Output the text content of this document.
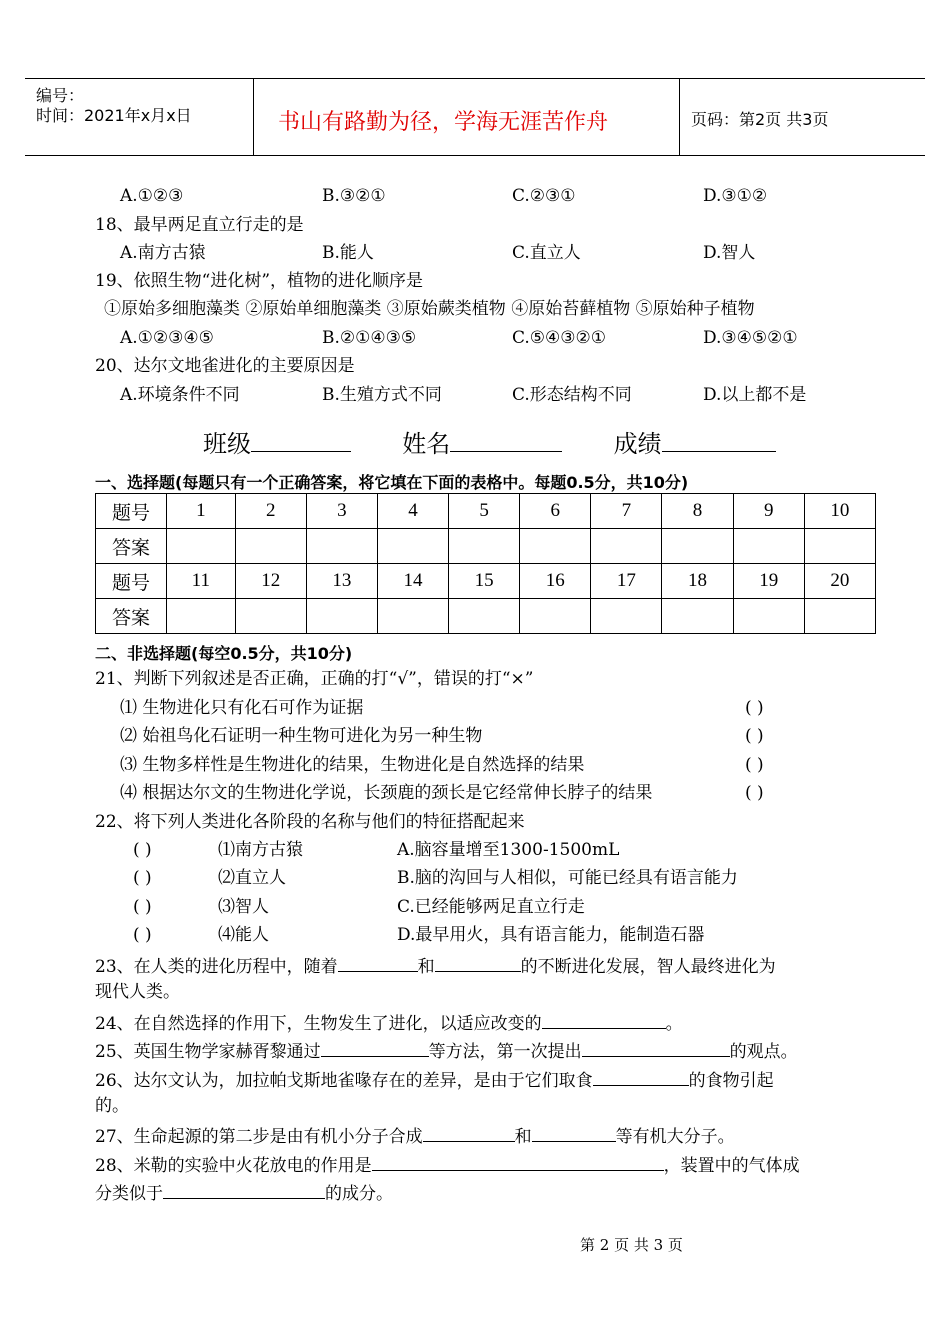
编号：
时间：2021年x月x日	书山有路勤为径，学海无涯苦作舟	页码：第2页 共3页
A.①②③	B.③②①	C.②③①	D.③①②
18、最早两足直立行走的是
A.南方古猿	B.能人	C.直立人	D.智人
19、依照生物“进化树”，植物的进化顺序是
①原始多细胞藻类 ②原始单细胞藻类 ③原始蕨类植物 ④原始苔藓植物 ⑤原始种子植物
A.①②③④⑤	B.②①④③⑤	C.⑤④③②①	D.③④⑤②①
20、达尔文地雀进化的主要原因是
A.环境条件不同	B.生殖方式不同	C.形态结构不同	D.以上都不是
班级	姓名	成绩
一、选择题(每题只有一个正确答案，将它填在下面的表格中。每题0.5分，共10分)
题号	1	2	3	4	5	6	7	8	9	10
答案										
题号	11	12	13	14	15	16	17	18	19	20
答案										
二、非选择题(每空0.5分，共10分)
21、判断下列叙述是否正确，正确的打“√”，错误的打“×”
⑴ 生物进化只有化石可作为证据	( )
⑵ 始祖鸟化石证明一种生物可进化为另一种生物	( )
⑶ 生物多样性是生物进化的结果，生物进化是自然选择的结果	( )
⑷ 根据达尔文的生物进化学说，长颈鹿的颈长是它经常伸长脖子的结果	( )
22、将下列人类进化各阶段的名称与他们的特征搭配起来
( )	⑴南方古猿	A.脑容量增至1300-1500mL
( )	⑵直立人	B.脑的沟回与人相似，可能已经具有语言能力
( )	⑶智人	C.已经能够两足直立行走
( )	⑷能人	D.最早用火，具有语言能力，能制造石器
23、在人类的进化历程中，随着	和	的不断进化发展，智人最终进化为
现代人类。
24、在自然选择的作用下，生物发生了进化，以适应改变的	。
25、英国生物学家赫胥黎通过	等方法，第一次提出	的观点。
26、达尔文认为，加拉帕戈斯地雀喙存在的差异，是由于它们取食	的食物引起
的。
27、生命起源的第二步是由有机小分子合成	和	等有机大分子。
28、米勒的实验中火花放电的作用是	，装置中的气体成
分类似于	的成分。
第 2 页 共 3 页
